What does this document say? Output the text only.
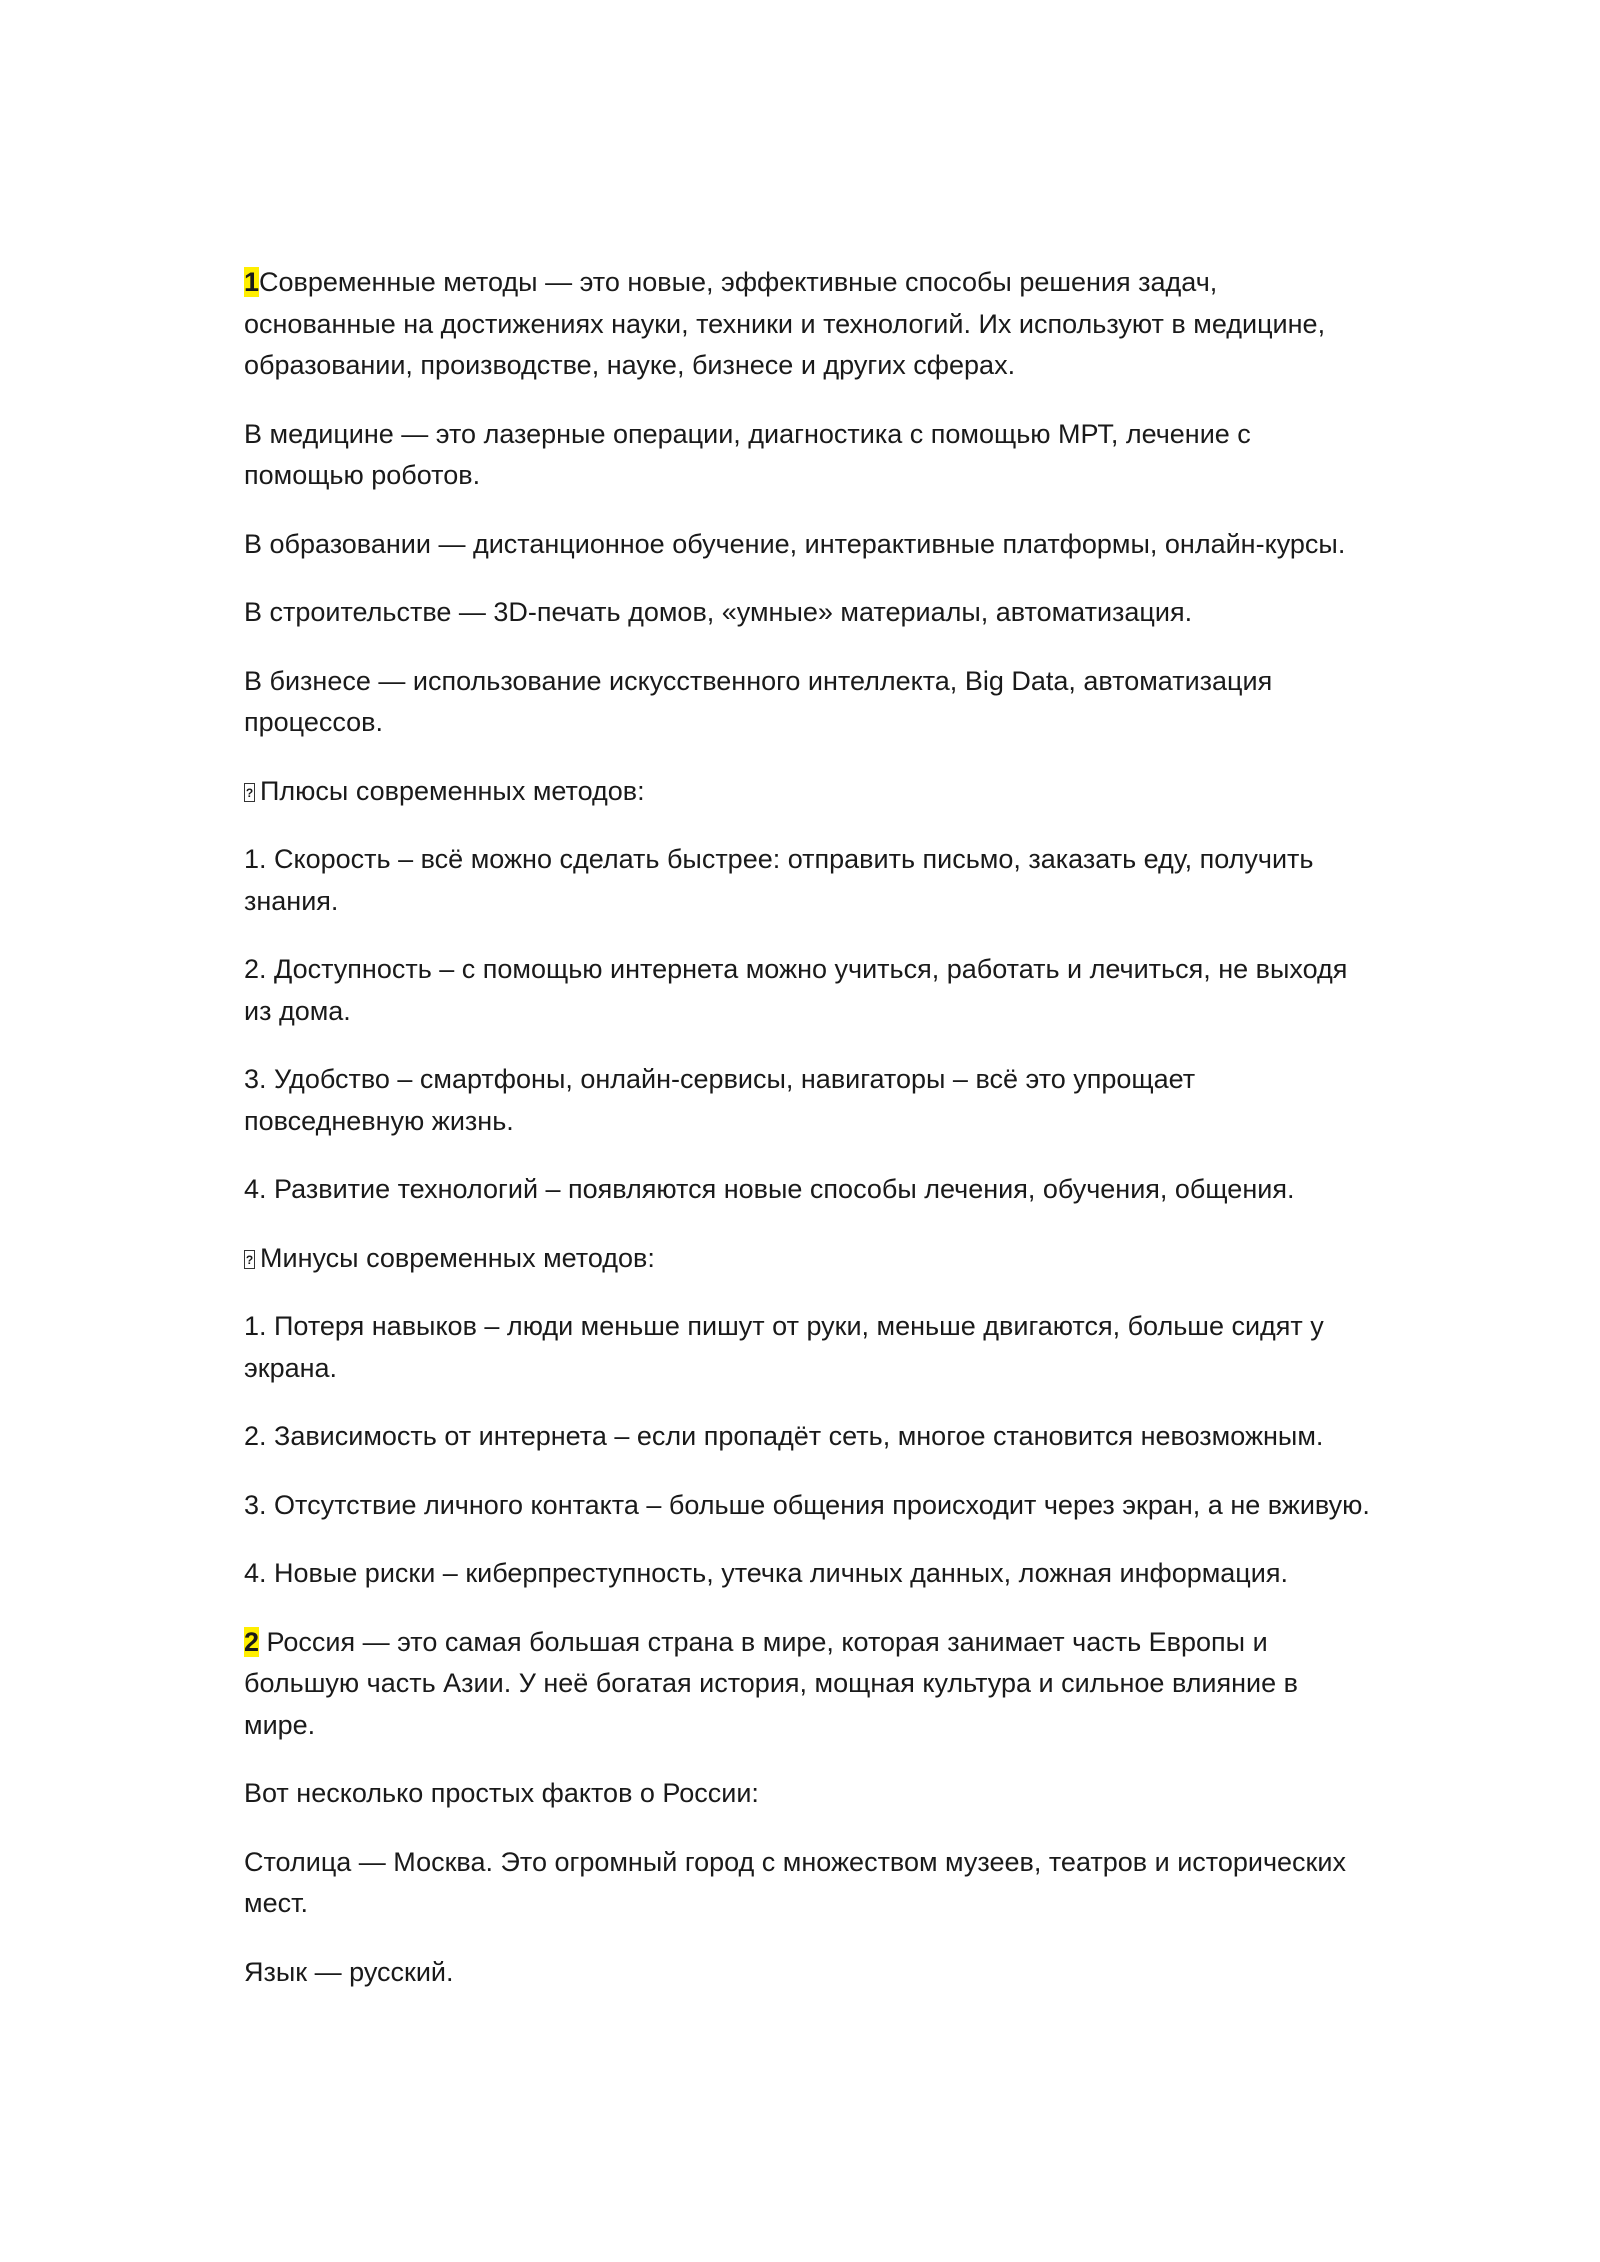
1Современные методы — это новые, эффективные способы решения задач, основанные на достижениях науки, техники и технологий. Их используют в медицине, образовании, производстве, науке, бизнесе и других сферах.

В медицине — это лазерные операции, диагностика с помощью МРТ, лечение с помощью роботов.

В образовании — дистанционное обучение, интерактивные платформы, онлайн-курсы.

В строительстве — 3D-печать домов, «умные» материалы, автоматизация.

В бизнесе — использование искусственного интеллекта, Big Data, автоматизация процессов.

?Плюсы современных методов:

1. Скорость – всё можно сделать быстрее: отправить письмо, заказать еду, получить знания.

2. Доступность – с помощью интернета можно учиться, работать и лечиться, не выходя из дома.

3. Удобство – смартфоны, онлайн-сервисы, навигаторы – всё это упрощает повседневную жизнь.

4. Развитие технологий – появляются новые способы лечения, обучения, общения.

?Минусы современных методов:

1. Потеря навыков – люди меньше пишут от руки, меньше двигаются, больше сидят у экрана.

2. Зависимость от интернета – если пропадёт сеть, многое становится невозможным.

3. Отсутствие личного контакта – больше общения происходит через экран, а не вживую.

4. Новые риски – киберпреступность, утечка личных данных, ложная информация.

2 Россия — это самая большая страна в мире, которая занимает часть Европы и большую часть Азии. У неё богатая история, мощная культура и сильное влияние в мире.

Вот несколько простых фактов о России:

Столица — Москва. Это огромный город с множеством музеев, театров и исторических мест.

Язык — русский.
